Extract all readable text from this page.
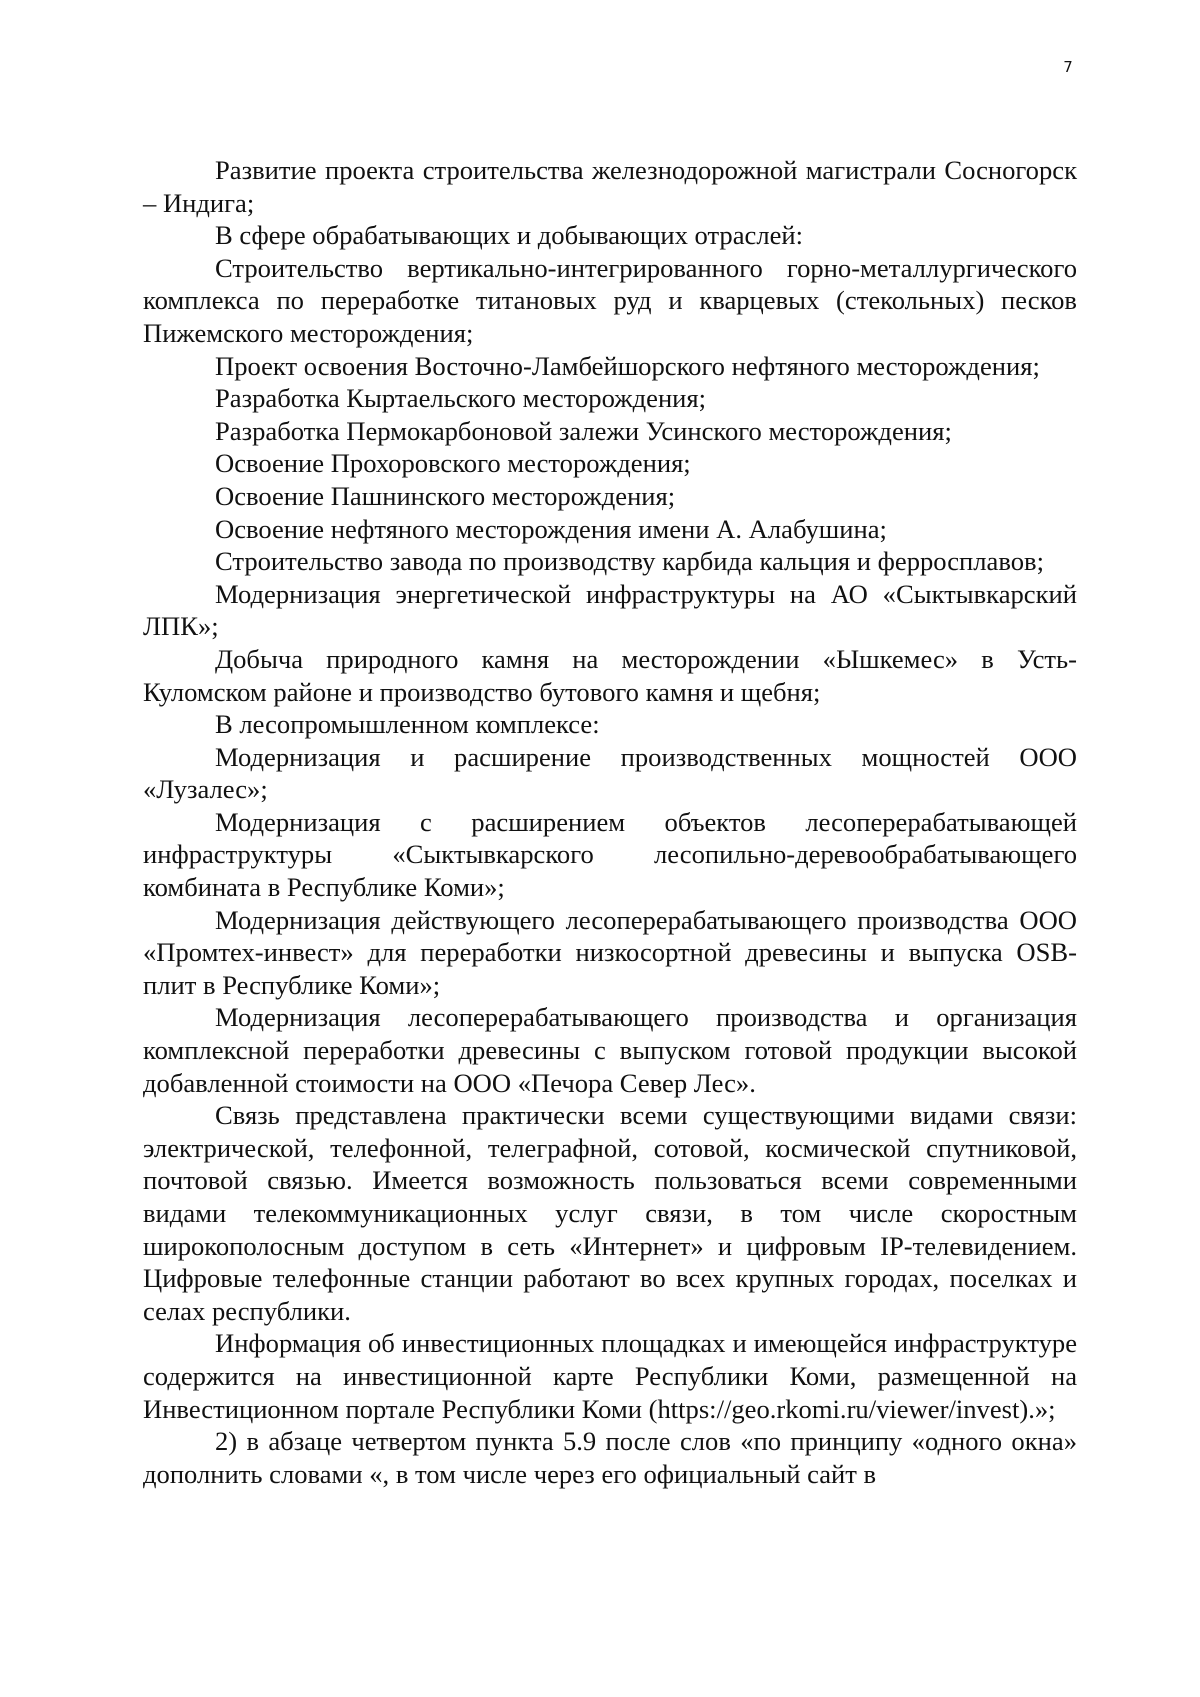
7

Развитие проекта строительства железнодорожной магистрали Сосногорск – Индига;

В сфере обрабатывающих и добывающих отраслей:

Строительство вертикально-интегрированного горно-металлургического комплекса по переработке титановых руд и кварцевых (стекольных) песков Пижемского месторождения;

Проект освоения Восточно-Ламбейшорского нефтяного месторождения;

Разработка Кыртаельского месторождения;

Разработка Пермокарбоновой залежи Усинского месторождения;

Освоение Прохоровского месторождения;

Освоение Пашнинского месторождения;

Освоение нефтяного месторождения имени А. Алабушина;

Строительство завода по производству карбида кальция и ферросплавов;

Модернизация энергетической инфраструктуры на АО «Сыктывкарский ЛПК»;

Добыча природного камня на месторождении «Ышкемес» в Усть-Куломском районе и производство бутового камня и щебня;

В лесопромышленном комплексе:

Модернизация и расширение производственных мощностей ООО «Лузалес»;

Модернизация с расширением объектов лесоперерабатывающей инфраструктуры «Сыктывкарского лесопильно-деревообрабатывающего комбината в Республике Коми»;

Модернизация действующего лесоперерабатывающего производства ООО «Промтех-инвест» для переработки низкосортной древесины и выпуска OSB-плит в Республике Коми»;

Модернизация лесоперерабатывающего производства и организация комплексной переработки древесины с выпуском готовой продукции высокой добавленной стоимости на ООО «Печора Север Лес».

Связь представлена практически всеми существующими видами связи: электрической, телефонной, телеграфной, сотовой, космической спутниковой, почтовой связью. Имеется возможность пользоваться всеми современными видами телекоммуникационных услуг связи, в том числе скоростным широкополосным доступом в сеть «Интернет» и цифровым IP-телевидением. Цифровые телефонные станции работают во всех крупных городах, поселках и селах республики.

Информация об инвестиционных площадках и имеющейся инфраструктуре содержится на инвестиционной карте Республики Коми, размещенной на Инвестиционном портале Республики Коми (https://geo.rkomi.ru/viewer/invest).»;

2) в абзаце четвертом пункта 5.9 после слов «по принципу «одного окна» дополнить словами «, в том числе через его официальный сайт в
